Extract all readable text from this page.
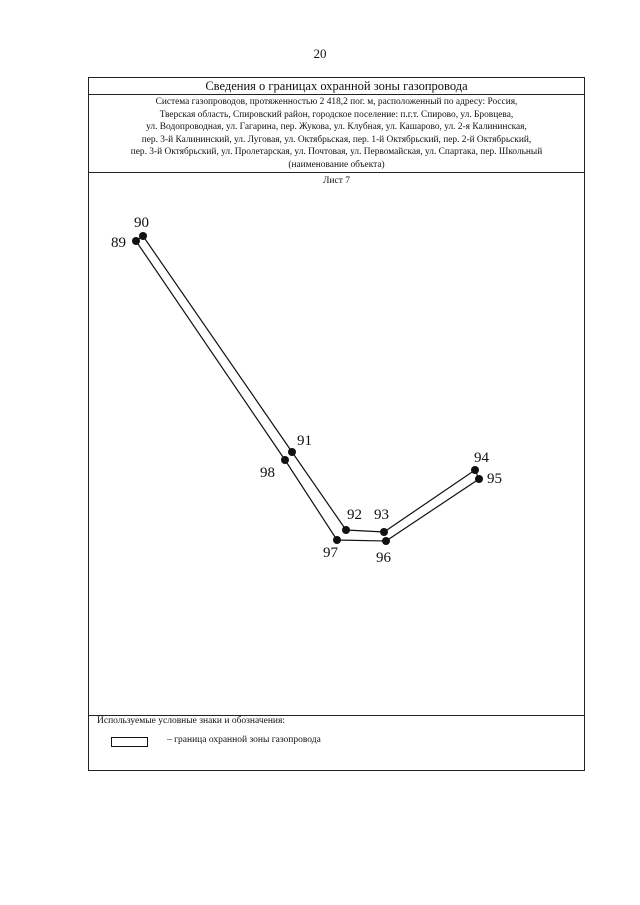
20
89
90
91
92 93
94
95
96
97
98
Сведения о границах охранной зоны газопровода
Система газопроводов, протяженностью 2 418,2 пог. м, расположенный по адресу: Россия,
Тверская область, Спировский район, городское поселение: п.г.т. Спирово, ул. Бровцева,
ул. Водопроводная, ул. Гагарина, пер. Жукова, ул. Клубная, ул. Кашарово, ул. 2-я Калининская,
пер. 3-й Калининский, ул. Луговая, ул. Октябрьская, пер. 1-й Октябрьский, пер. 2-й Октябрьский,
пер. 3-й Октябрьский, ул. Пролетарская, ул. Почтовая, ул. Первомайская, ул. Спартака, пер. Школьный
(наименование объекта)
Лист 7
Используемые условные знаки и обозначения:
– граница охранной зоны газопровода
